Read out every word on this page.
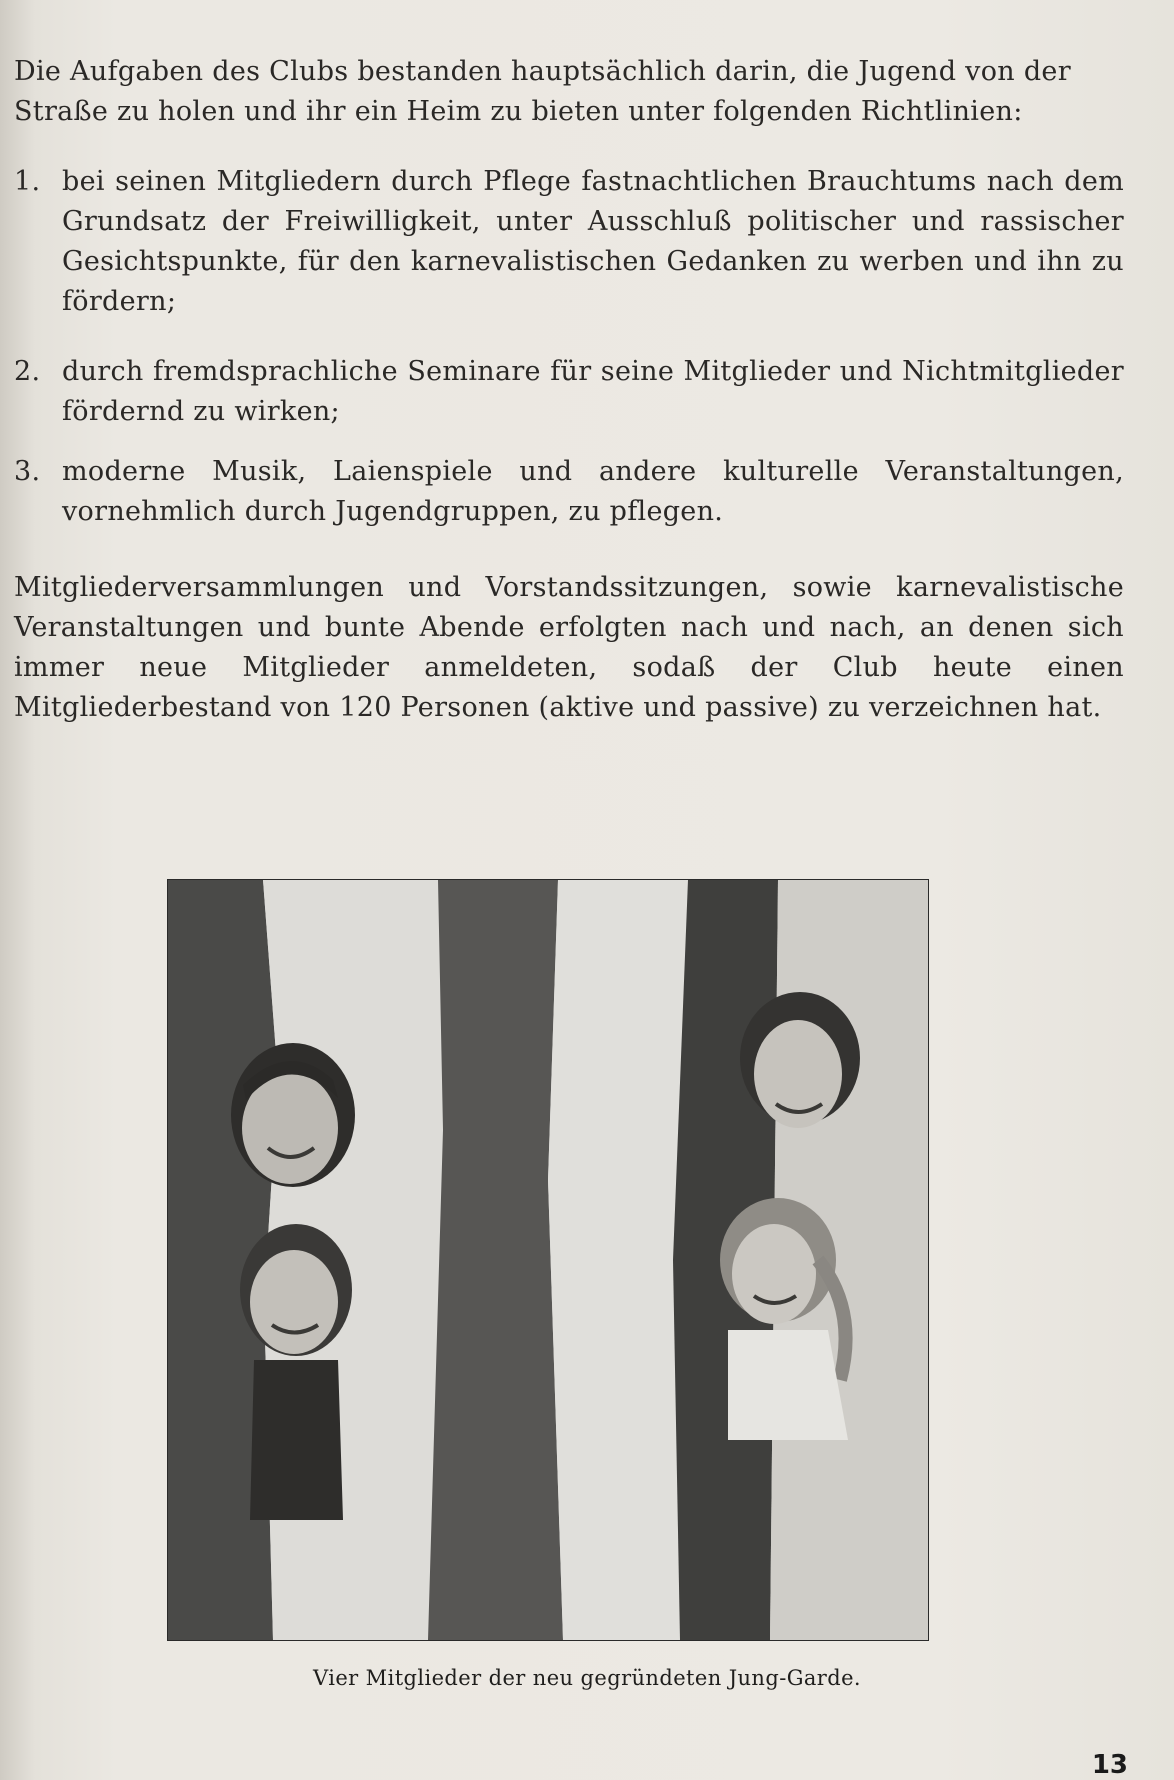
Die Aufgaben des Clubs bestanden hauptsächlich darin, die Jugend von der Straße zu holen und ihr ein Heim zu bieten unter folgenden Richtlinien:

1. bei seinen Mitgliedern durch Pflege fastnachtlichen Brauchtums nach dem Grundsatz der Freiwilligkeit, unter Ausschluß politischer und rassischer Gesichtspunkte, für den karnevalistischen Gedanken zu werben und ihn zu fördern;
2. durch fremdsprachliche Seminare für seine Mitglieder und Nichtmitglieder fördernd zu wirken;
3. moderne Musik, Laienspiele und andere kulturelle Veranstaltungen, vornehmlich durch Jugendgruppen, zu pflegen.

Mitgliederversammlungen und Vorstandssitzungen, sowie karnevalistische Veranstaltungen und bunte Abende erfolgten nach und nach, an denen sich immer neue Mitglieder anmeldeten, sodaß der Club heute einen Mitgliederbestand von 120 Personen (aktive und passive) zu verzeichnen hat.

Vier Mitglieder der neu gegründeten Jung-Garde.
13
